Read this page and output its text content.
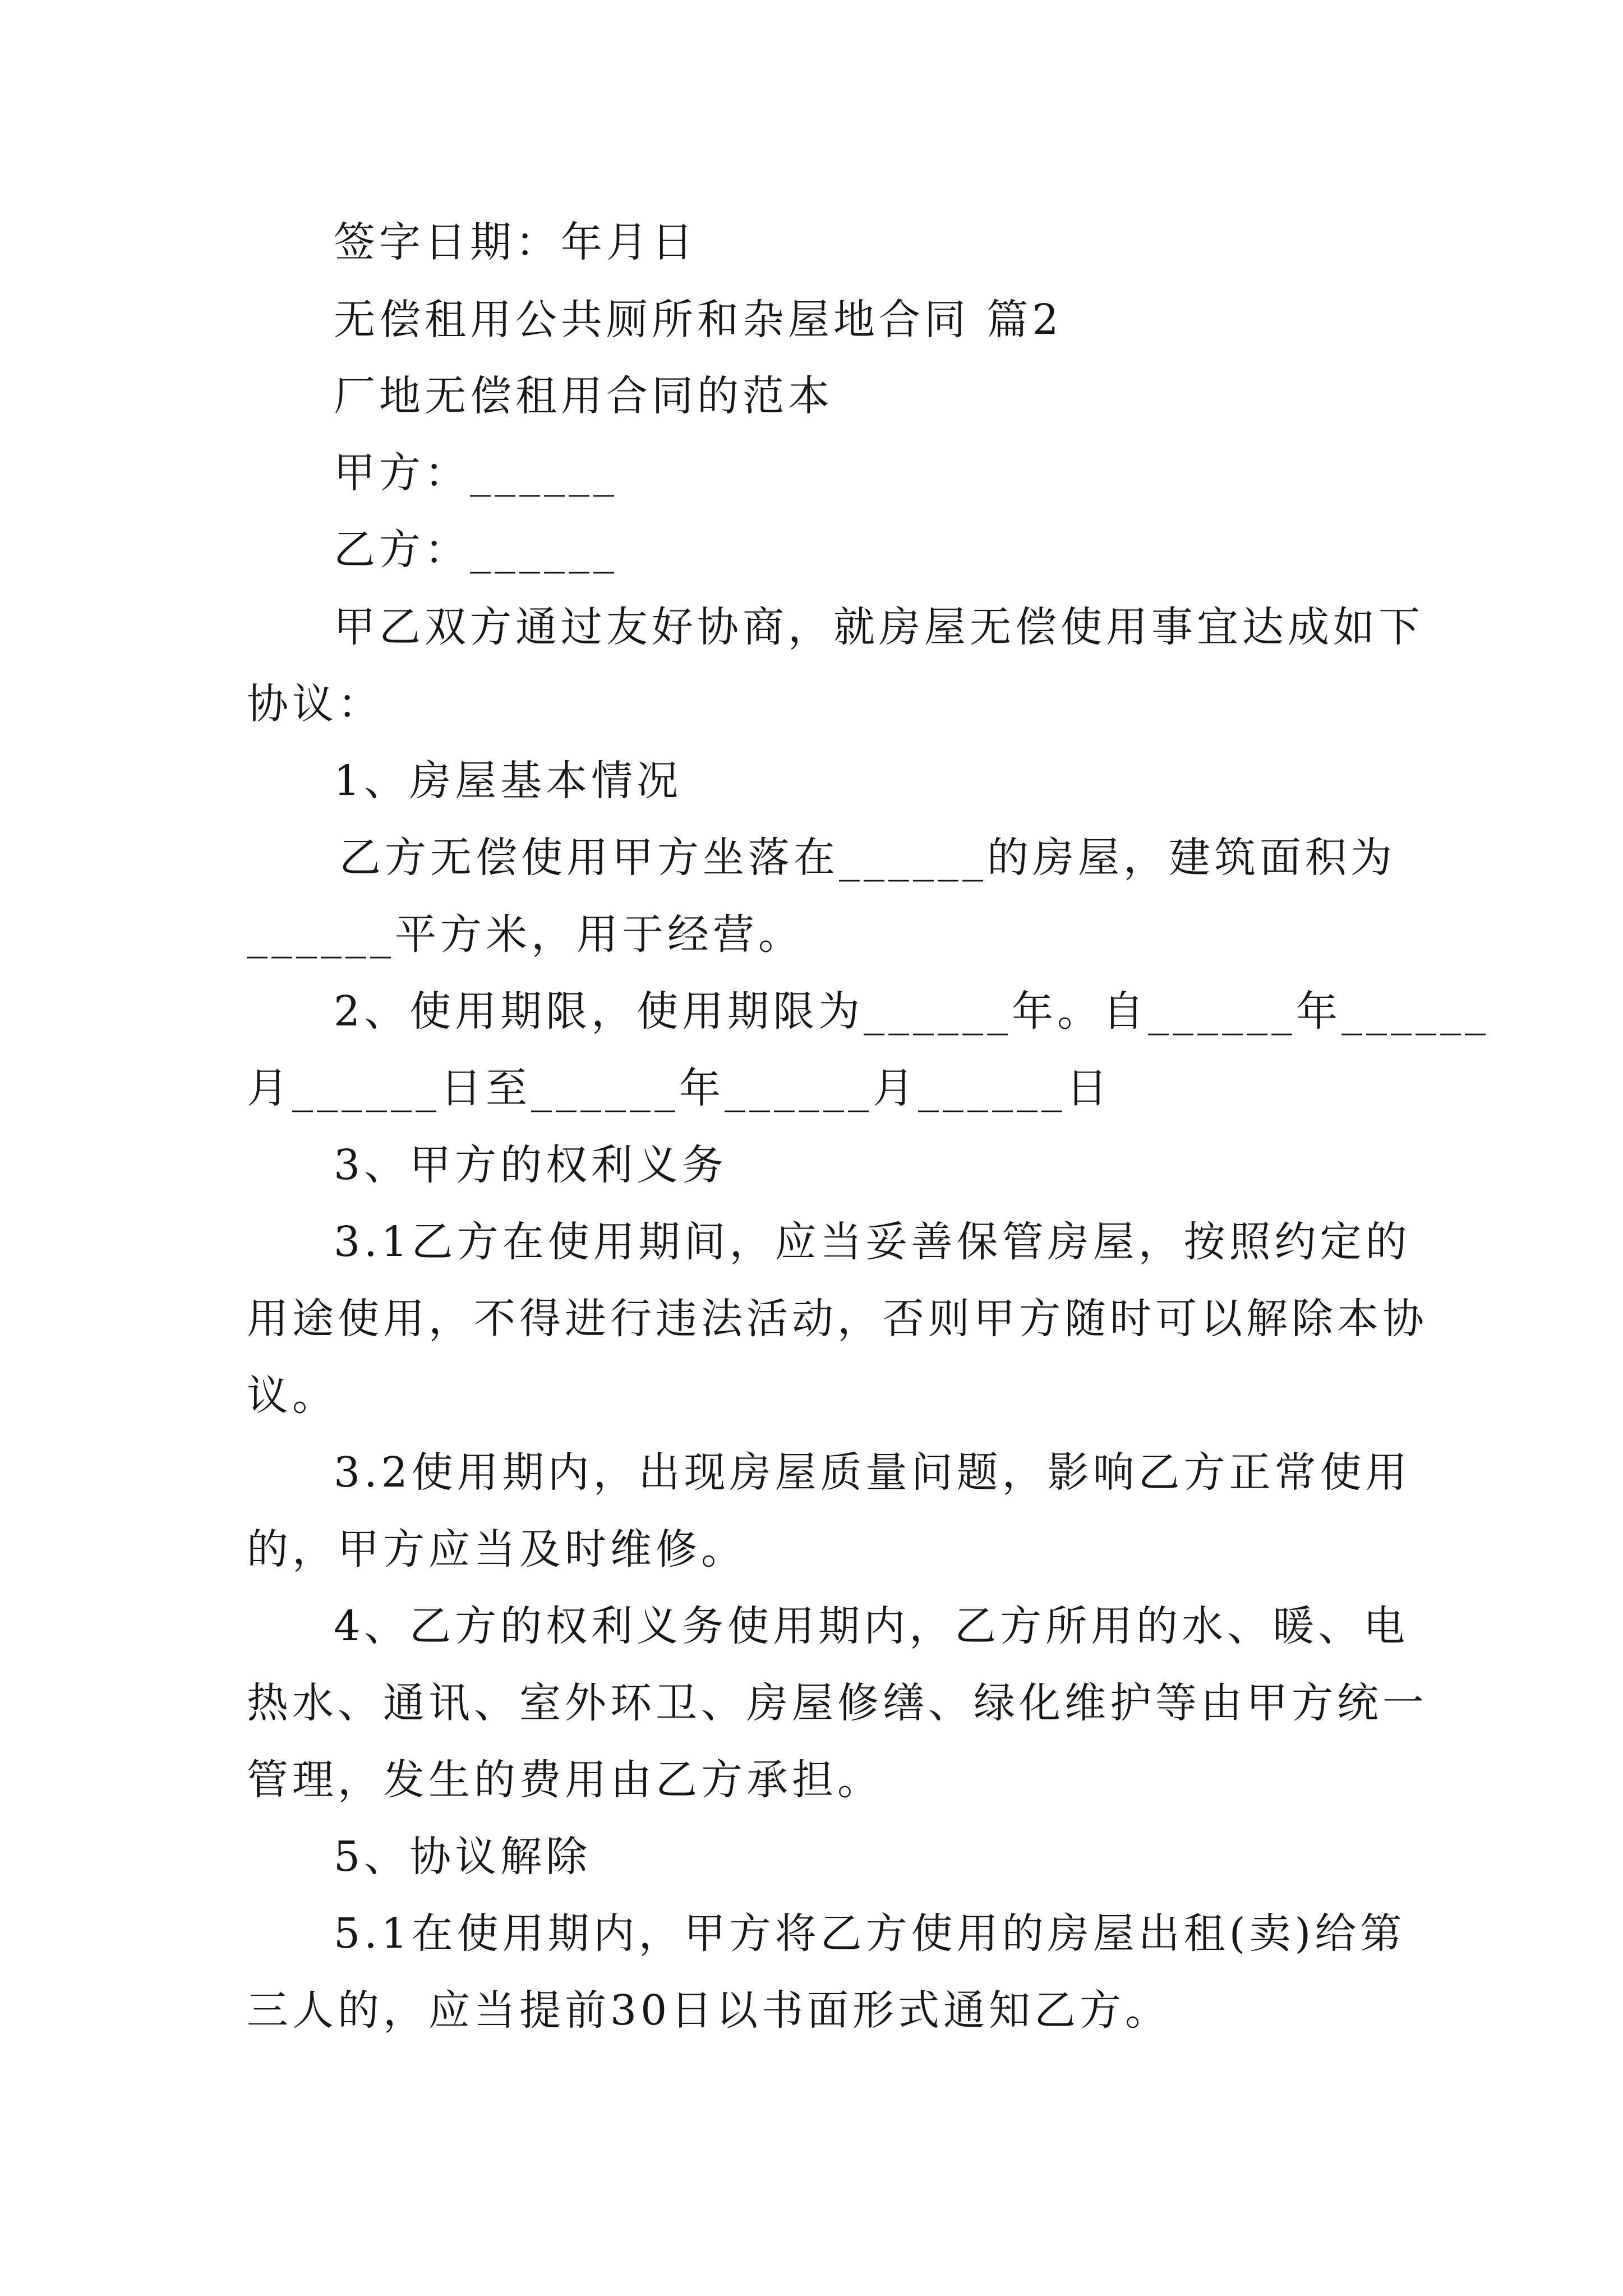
签字日期：年月日
无偿租用公共厕所和杂屋地合同 篇2
厂地无偿租用合同的范本
甲方：______
乙方：______
甲乙双方通过友好协商，就房屋无偿使用事宜达成如下
协议：
1、房屋基本情况
乙方无偿使用甲方坐落在______的房屋，建筑面积为
______平方米，用于经营。
2、使用期限，使用期限为______年。自______年______
月______日至______年______月______日
3、甲方的权利义务
3.1乙方在使用期间，应当妥善保管房屋，按照约定的
用途使用，不得进行违法活动，否则甲方随时可以解除本协
议。
3.2使用期内，出现房屋质量问题，影响乙方正常使用
的，甲方应当及时维修。
4、乙方的权利义务使用期内，乙方所用的水、暖、电
热水、通讯、室外环卫、房屋修缮、绿化维护等由甲方统一
管理，发生的费用由乙方承担。
5、协议解除
5.1在使用期内，甲方将乙方使用的房屋出租(卖)给第
三人的，应当提前30日以书面形式通知乙方。
